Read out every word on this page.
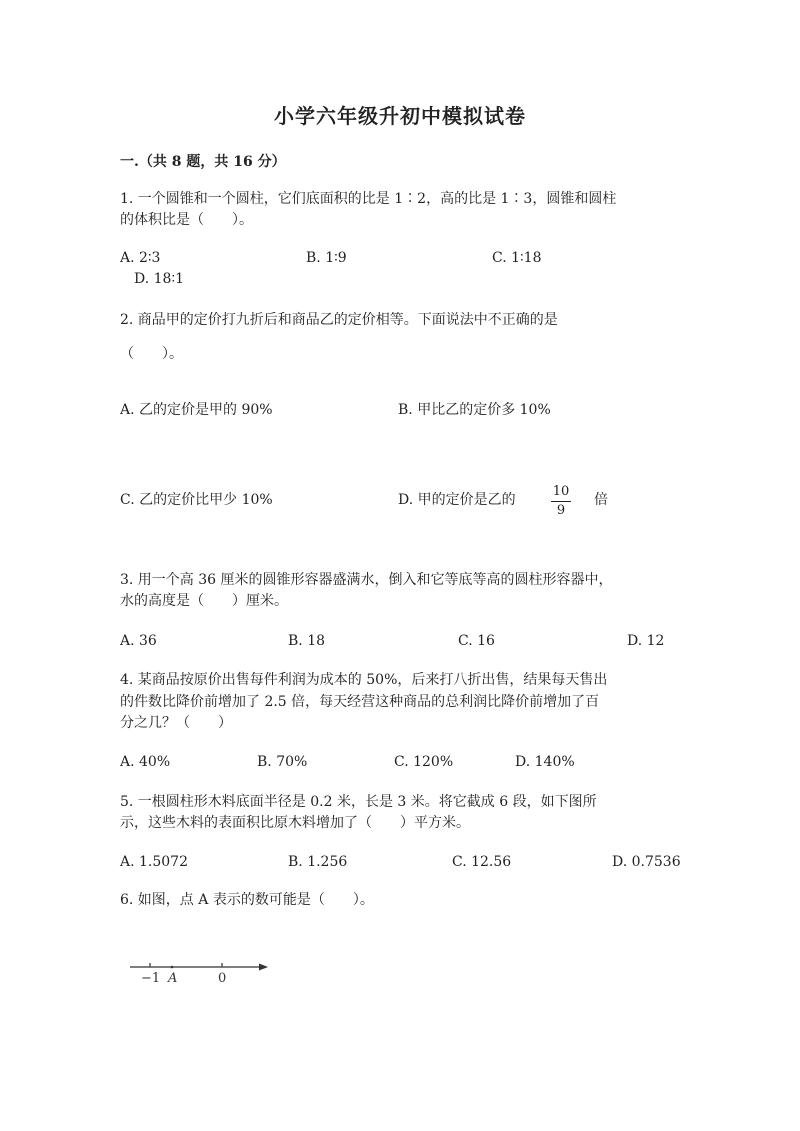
小学六年级升初中模拟试卷
一.（共 8 题，共 16 分）
1. 一个圆锥和一个圆柱，它们底面积的比是 1∶2，高的比是 1∶3，圆锥和圆柱
的体积比是（　　）。
A. 2∶3	B. 1∶9	C. 1∶18
D. 18∶1
2. 商品甲的定价打九折后和商品乙的定价相等。下面说法中不正确的是
（　　）。
A. 乙的定价是甲的 90%	B. 甲比乙的定价多 10%
C. 乙的定价比甲少 10%	D. 甲的定价是乙的
10
9
倍
3. 用一个高 36 厘米的圆锥形容器盛满水，倒入和它等底等高的圆柱形容器中，
水的高度是（　　）厘米。
A. 36	B. 18	C. 16	D. 12
4. 某商品按原价出售每件利润为成本的 50%，后来打八折出售，结果每天售出
的件数比降价前增加了 2.5 倍，每天经营这种商品的总利润比降价前增加了百
分之几？（　　）
A. 40%	B. 70%	C. 120%	D. 140%
5. 一根圆柱形木料底面半径是 0.2 米，长是 3 米。将它截成 6 段，如下图所
示，这些木料的表面积比原木料增加了（　　）平方米。
A. 1.5072	B. 1.256	C. 12.56	D. 0.7536
6. 如图，点 A 表示的数可能是（　　）。
−1 A	0
